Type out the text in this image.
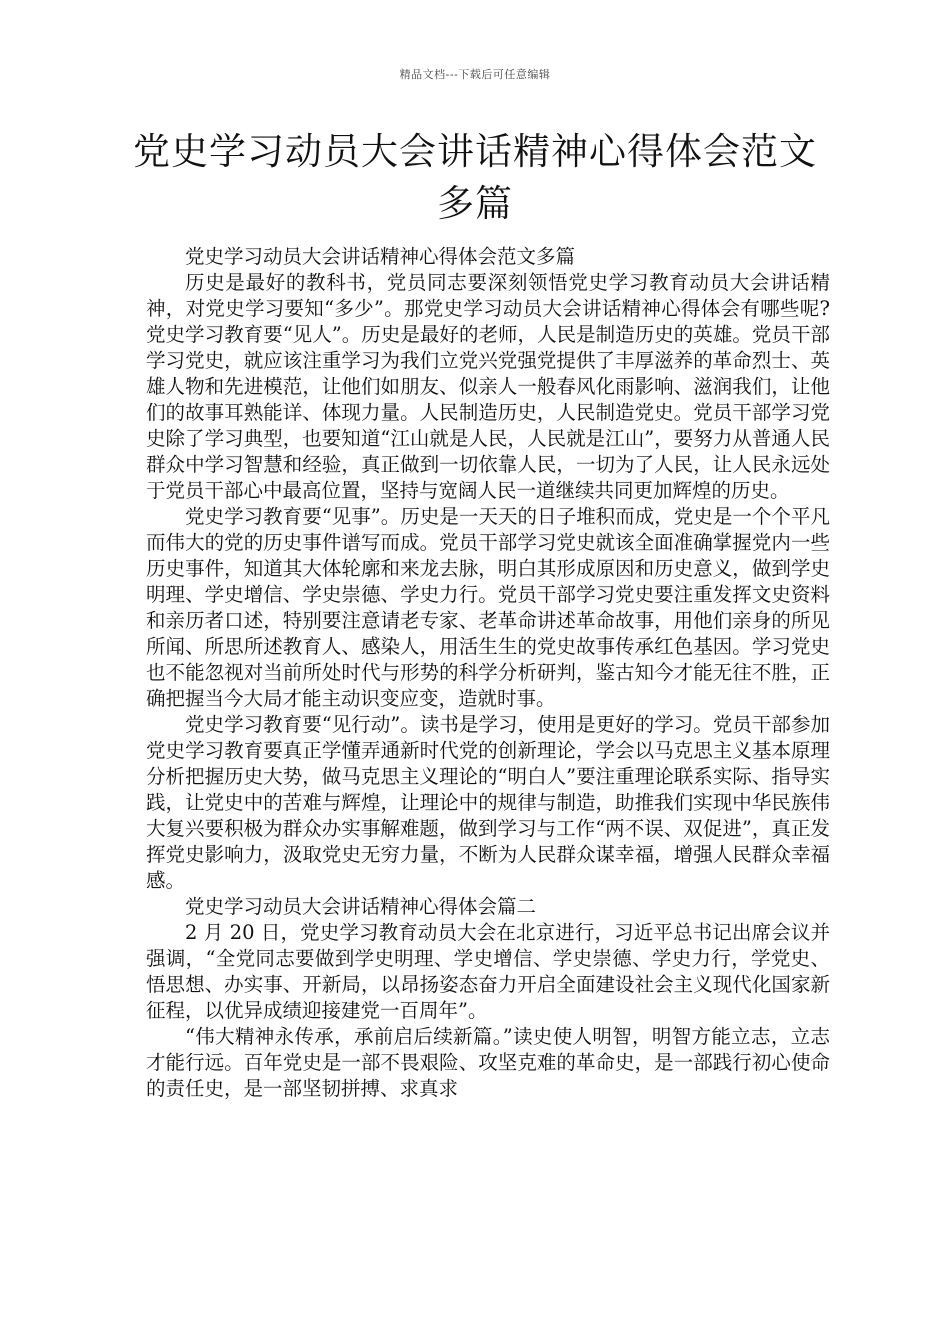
精品文档---下载后可任意编辑
党史学习动员大会讲话精神心得体会范文
多篇

党史学习动员大会讲话精神心得体会范文多篇

历史是最好的教科书，党员同志要深刻领悟党史学习教育动员大会讲话精神，对党史学习要知“多少”。那党史学习动员大会讲话精神心得体会有哪些呢?党史学习教育要“见人”。历史是最好的老师，人民是制造历史的英雄。党员干部学习党史，就应该注重学习为我们立党兴党强党提供了丰厚滋养的革命烈士、英雄人物和先进模范，让他们如朋友、似亲人一般春风化雨影响、滋润我们，让他们的故事耳熟能详、体现力量。人民制造历史，人民制造党史。党员干部学习党史除了学习典型，也要知道“江山就是人民，人民就是江山”，要努力从普通人民群众中学习智慧和经验，真正做到一切依靠人民，一切为了人民，让人民永远处于党员干部心中最高位置，坚持与宽阔人民一道继续共同更加辉煌的历史。

党史学习教育要“见事”。历史是一天天的日子堆积而成，党史是一个个平凡而伟大的党的历史事件谱写而成。党员干部学习党史就该全面准确掌握党内一些历史事件，知道其大体轮廓和来龙去脉，明白其形成原因和历史意义，做到学史明理、学史增信、学史崇德、学史力行。党员干部学习党史要注重发挥文史资料和亲历者口述，特别要注意请老专家、老革命讲述革命故事，用他们亲身的所见所闻、所思所述教育人、感染人，用活生生的党史故事传承红色基因。学习党史也不能忽视对当前所处时代与形势的科学分析研判，鉴古知今才能无往不胜，正确把握当今大局才能主动识变应变，造就时事。

党史学习教育要“见行动”。读书是学习，使用是更好的学习。党员干部参加党史学习教育要真正学懂弄通新时代党的创新理论，学会以马克思主义基本原理分析把握历史大势，做马克思主义理论的“明白人”要注重理论联系实际、指导实践，让党史中的苦难与辉煌，让理论中的规律与制造，助推我们实现中华民族伟大复兴要积极为群众办实事解难题，做到学习与工作“两不误、双促进”，真正发挥党史影响力，汲取党史无穷力量，不断为人民群众谋幸福，增强人民群众幸福感。

党史学习动员大会讲话精神心得体会篇二

2 月 20 日，党史学习教育动员大会在北京进行，习近平总书记出席会议并强调，“全党同志要做到学史明理、学史增信、学史崇德、学史力行，学党史、悟思想、办实事、开新局，以昂扬姿态奋力开启全面建设社会主义现代化国家新征程，以优异成绩迎接建党一百周年”。

“伟大精神永传承，承前启后续新篇。”读史使人明智，明智方能立志，立志才能行远。百年党史是一部不畏艰险、攻坚克难的革命史，是一部践行初心使命的责任史，是一部坚韧拼搏、求真求
